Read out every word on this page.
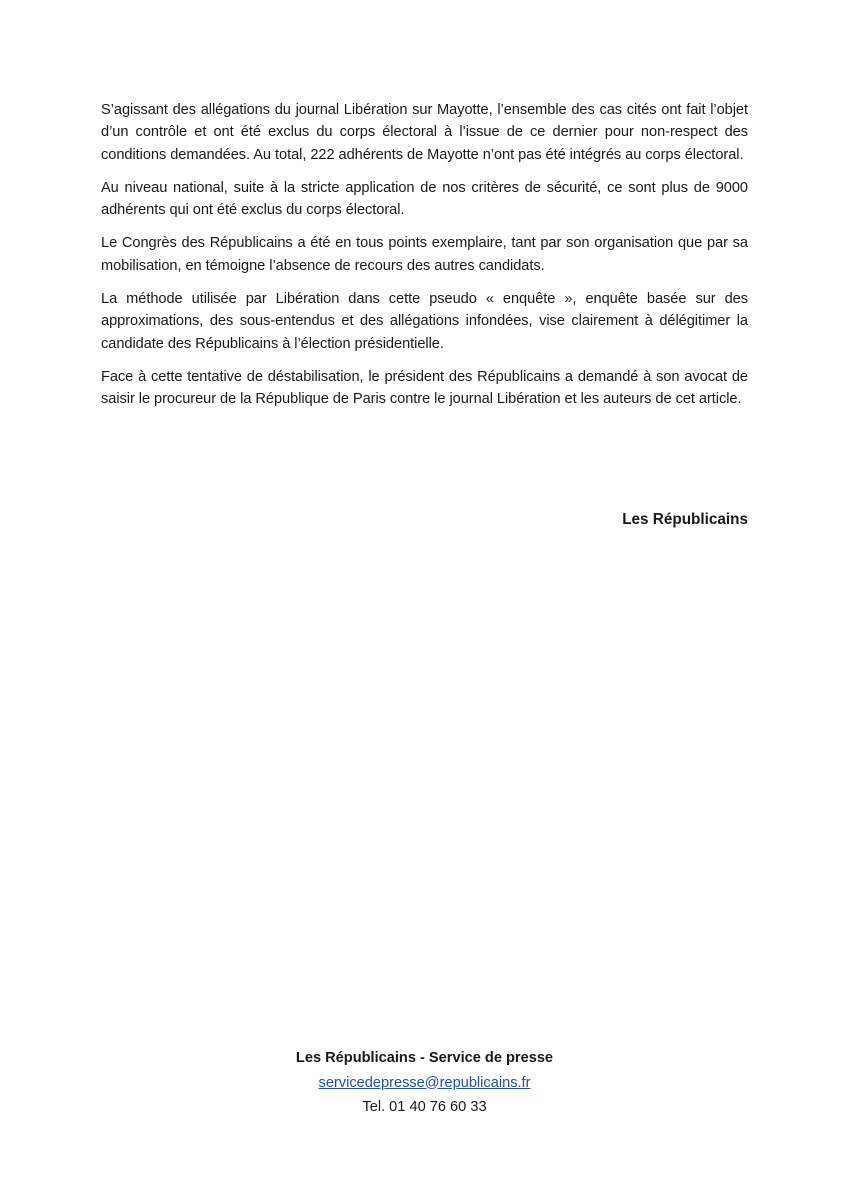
S’agissant des allégations du journal Libération sur Mayotte, l’ensemble des cas cités ont fait l’objet d’un contrôle et ont été exclus du corps électoral à l’issue de ce dernier pour non-respect des conditions demandées. Au total, 222 adhérents de Mayotte n’ont pas été intégrés au corps électoral.

Au niveau national, suite à la stricte application de nos critères de sécurité, ce sont plus de 9000 adhérents qui ont été exclus du corps électoral.

Le Congrès des Républicains a été en tous points exemplaire, tant par son organisation que par sa mobilisation, en témoigne l’absence de recours des autres candidats.

La méthode utilisée par Libération dans cette pseudo « enquête », enquête basée sur des approximations, des sous-entendus et des allégations infondées, vise clairement à délégitimer la candidate des Républicains à l’élection présidentielle.

Face à cette tentative de déstabilisation, le président des Républicains a demandé à son avocat de saisir le procureur de la République de Paris contre le journal Libération et les auteurs de cet article.

Les Républicains
Les Républicains - Service de presse
servicedepresse@republicains.fr
Tel. 01 40 76 60 33
